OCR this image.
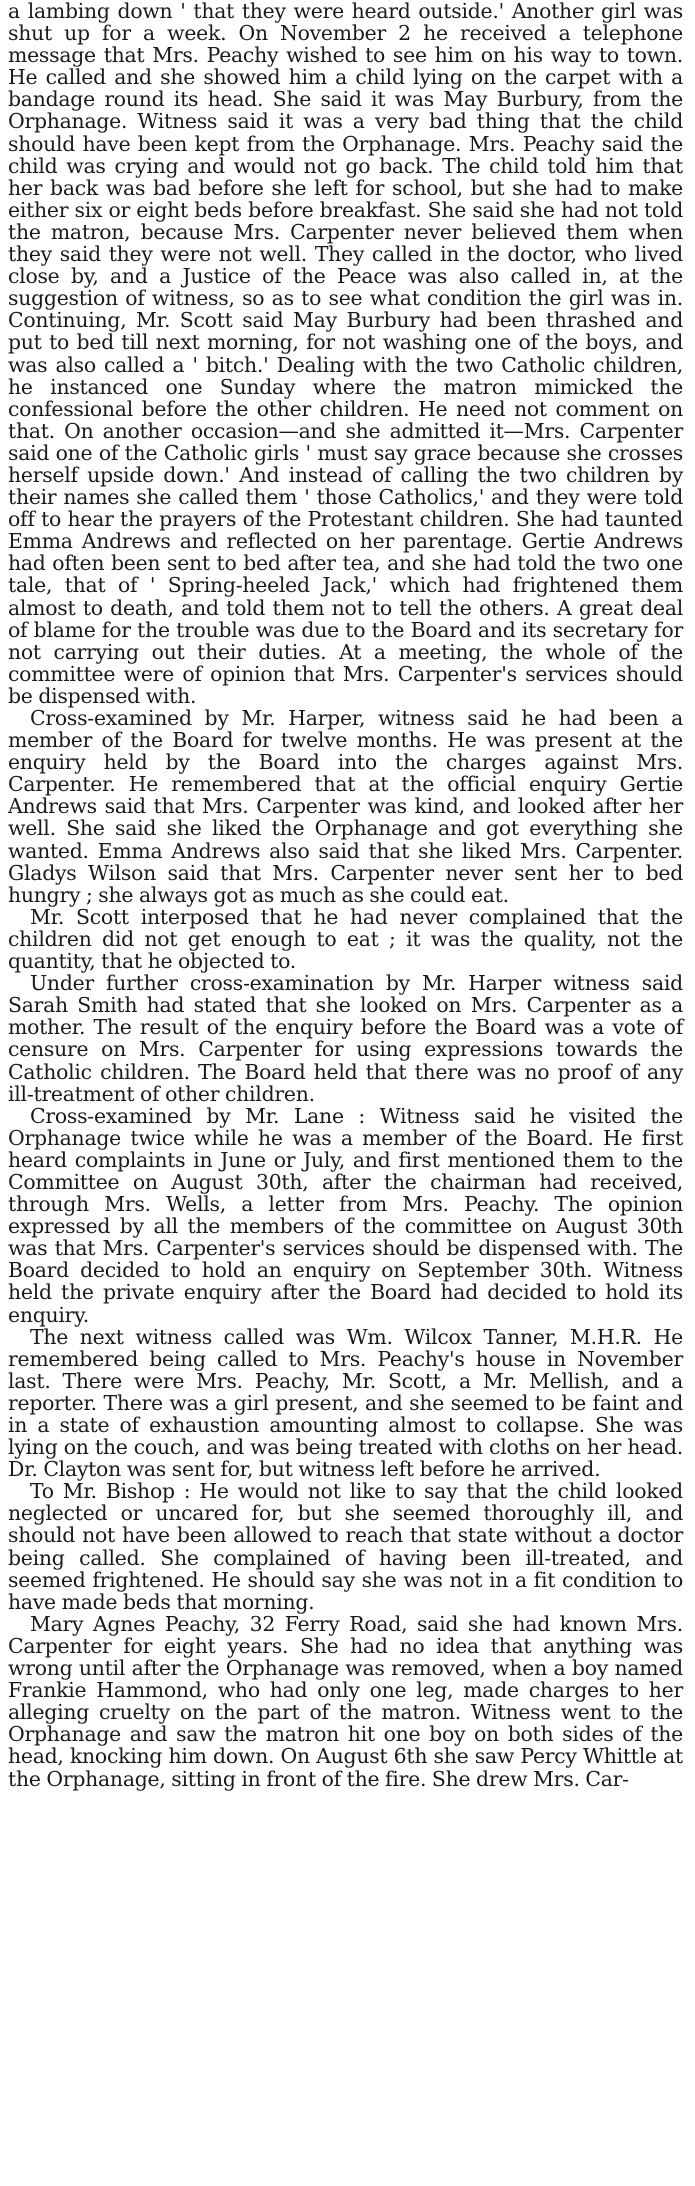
a lambing down ' that they were heard outside.' Another girl was shut up for a week. On November 2 he received a telephone message that Mrs. Peachy wished to see him on his way to town. He called and she showed him a child lying on the carpet with a bandage round its head. She said it was May Burbury, from the Orphanage. Witness said it was a very bad thing that the child should have been kept from the Orphanage. Mrs. Peachy said the child was crying and would not go back. The child told him that her back was bad before she left for school, but she had to make either six or eight beds before breakfast. She said she had not told the matron, because Mrs. Carpenter never believed them when they said they were not well. They called in the doctor, who lived close by, and a Justice of the Peace was also called in, at the suggestion of witness, so as to see what condition the girl was in. Continuing, Mr. Scott said May Burbury had been thrashed and put to bed till next morning, for not washing one of the boys, and was also called a ' bitch.' Dealing with the two Catholic children, he instanced one Sunday where the matron mimicked the confessional before the other children. He need not comment on that. On another occasion—and she admitted it—Mrs. Carpenter said one of the Catholic girls ' must say grace because she crosses herself upside down.' And instead of calling the two children by their names she called them ' those Catholics,' and they were told off to hear the prayers of the Protestant children. She had taunted Emma Andrews and reflected on her parentage. Gertie Andrews had often been sent to bed after tea, and she had told the two one tale, that of ' Spring-heeled Jack,' which had frightened them almost to death, and told them not to tell the others. A great deal of blame for the trouble was due to the Board and its secretary for not carrying out their duties. At a meeting, the whole of the committee were of opinion that Mrs. Carpenter's services should be dispensed with.

Cross-examined by Mr. Harper, witness said he had been a member of the Board for twelve months. He was present at the enquiry held by the Board into the charges against Mrs. Carpenter. He remembered that at the official enquiry Gertie Andrews said that Mrs. Carpenter was kind, and looked after her well. She said she liked the Orphanage and got everything she wanted. Emma Andrews also said that she liked Mrs. Carpenter. Gladys Wilson said that Mrs. Carpenter never sent her to bed hungry ; she always got as much as she could eat.

Mr. Scott interposed that he had never complained that the children did not get enough to eat ; it was the quality, not the quantity, that he objected to.

Under further cross-examination by Mr. Harper witness said Sarah Smith had stated that she looked on Mrs. Carpenter as a mother. The result of the enquiry before the Board was a vote of censure on Mrs. Carpenter for using expressions towards the Catholic children. The Board held that there was no proof of any ill-treatment of other children.

Cross-examined by Mr. Lane : Witness said he visited the Orphanage twice while he was a member of the Board. He first heard complaints in June or July, and first mentioned them to the Committee on August 30th, after the chairman had received, through Mrs. Wells, a letter from Mrs. Peachy. The opinion expressed by all the members of the committee on August 30th was that Mrs. Carpenter's services should be dispensed with. The Board decided to hold an enquiry on September 30th. Witness held the private enquiry after the Board had decided to hold its enquiry.

The next witness called was Wm. Wilcox Tanner, M.H.R. He remembered being called to Mrs. Peachy's house in November last. There were Mrs. Peachy, Mr. Scott, a Mr. Mellish, and a reporter. There was a girl present, and she seemed to be faint and in a state of exhaustion amounting almost to collapse. She was lying on the couch, and was being treated with cloths on her head. Dr. Clayton was sent for, but witness left before he arrived.

To Mr. Bishop : He would not like to say that the child looked neglected or uncared for, but she seemed thoroughly ill, and should not have been allowed to reach that state without a doctor being called. She complained of having been ill-treated, and seemed frightened. He should say she was not in a fit condition to have made beds that morning.

Mary Agnes Peachy, 32 Ferry Road, said she had known Mrs. Carpenter for eight years. She had no idea that anything was wrong until after the Orphanage was removed, when a boy named Frankie Hammond, who had only one leg, made charges to her alleging cruelty on the part of the matron. Witness went to the Orphanage and saw the matron hit one boy on both sides of the head, knocking him down. On August 6th she saw Percy Whittle at the Orphanage, sitting in front of the fire. She drew Mrs. Car-
